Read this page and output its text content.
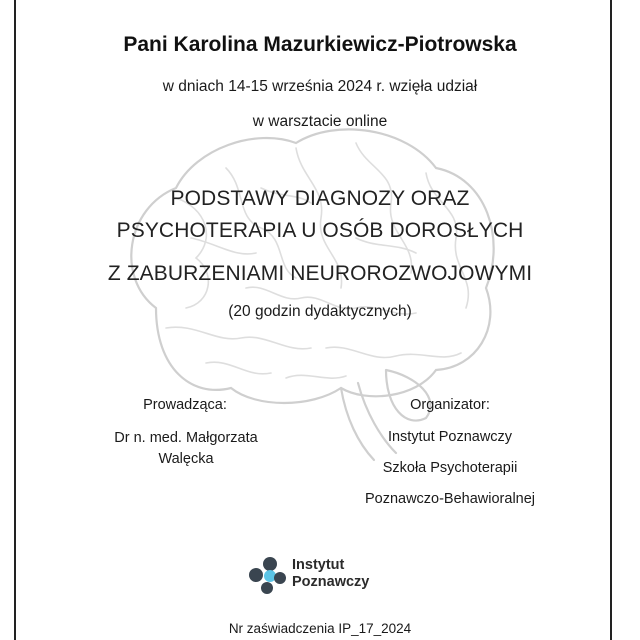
Pani Karolina Mazurkiewicz-Piotrowska
w dniach 14-15 września 2024 r. wzięła udział
w warsztacie online
PODSTAWY DIAGNOZY ORAZ
PSYCHOTERAPIA U OSÓB DOROSŁYCH
Z ZABURZENIAMI NEUROROZWOJOWYMI
(20 godzin dydaktycznych)
Prowadząca:
Dr n. med. Małgorzata Walęcka
Organizator:
Instytut Poznawczy
Szkoła Psychoterapii
Poznawczo-Behawioralnej
Instytut
Poznawczy
Nr zaświadczenia IP_17_2024
